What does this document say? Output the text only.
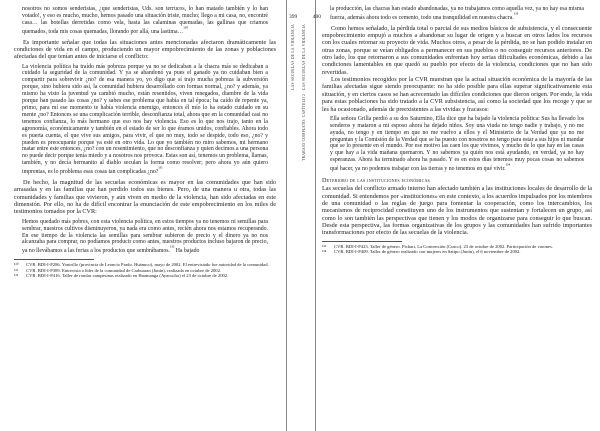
nosotros no somos senderistas, ¿que senderistas, Uds. son terrucos, lo han matado también y lo han votado!, y eso es mucho, mucho, hemos pasado una situación triste, mucho; llego a mi casa, no, encontré casa… las botellas derretidas como vela, hasta las calaminas quemadas, las gallinas que criamos quemados, toda mis cosas quemadas, llorando por allá, una lastima…$^{^{130}}$

Es importante señalar que todas las situaciones antes mencionadas afectaron dramáticamente las condiciones de vida en el campo, produciendo un mayor empobrecimiento de las zonas y poblaciones afectadas del que tenían antes de iniciarse el conflicto:

La violencia política ha traído más pobreza porque ya no se dedicaban a la chacra más se dedicaban a cuidado la seguridad de la comunidad. Y ya se abandonó ya pues el ganado ya no cuidaban bien a compartir para sobrevivir ¿no? de esa manera yo, yo digo que sí trajo mucha pobreza la subversión porque, sino hubiera sido así, la comunidad hubiera desarrollado con formas normal, ¿no? y además, ya mismo ha visto la juventud ya cambió mucho, están resentidos, viven renegados, diambre de la vida porque han pasado las cosas ¿no? y sabes ese problema que había en tal época; ha caído de repente ya, primo, para mí ese momento te había violencia enemigo, entonces él mío lo ha estado cuidado en su mente ¿no? Entonces se una complicación terrible, desconfianza total, ahora que en la comunidad casi no tenemos confianza, lo más hermano que eso nos hay violencia. Eso es lo que nos trajo, tanto en la agronomía, económicamente y también en el estado de ser lo que éramos unidos, confiables. Ahora todo es puerta cuenta, el que vive sus amigos, para vivir, el que no muy, todo se despide, todo eso, ¿no? y pueden es preocupante porque ya esté en otro vida. Lo que yo también no miro sabemos, mi hermano matar entre este entonces, ¿no? con un resentimiento, que no desconfianza y quien decimos a una persona no puede decir porque tenía miedo y a nosotros nos provoca. Estas son así, tenemos un problema, llamas, también, y no decía hermanito al diablo seculan la forma como resolver; pero ahora yo aún quiero imprentas, es lo problema esas cosas tan complicadas ¿no?$^{^{131}}$

De hecho, la magnitud de las secuelas económicas es mayor en las comunidades que han sido arrasadas y en las familias que han perdido todos sus bienes. Pero, de una manera u otra, todas las comunidades y familias que vivieron, y aún viven en medio de la violencia, han sido afectadas en este dimensión. Por ello, no ha de difícil encontrar la enunciación de este empobrecimiento en los miles de testimonios tomados por la CVR:

Hemos quedado más pobres, con esta violencia política, en estos tiempos ya no tenemos ni semillas para sembrar, nuestros cultivos disminuyeron, ya nada era como antes, recién ahora nos estamos recuperando. En ese tiempo de la violencia las semillas para sembrar subieron de precio y el dinero ya no nos alcanzaba para comprar, no podíamos producir como antes, nuestros productos incluso bajaron de precio, ya no llevábamos a las ferias a los productos que sembrábamos.$^{^{132}}$ Ha bajado

¹³⁰	CVR. BDI-I-P286. Yonirillo (provincia de Leoncio Prado, Huánuco), mayo de 2002. El entrevistado fue autoridad de la comunidad.

¹³¹	CVR. BDI-I-P389. Entrevista a líder de la comunidad de Carhuaran (Junín), realizada en octubre de 2002.

¹³²	CVR. BDI-I-P416. Taller de rondas campesinas realizado en Huamanga (Ayacucho) el 23 de octubre de 2002.

399	400
LAS SECUELAS DE LA VIOLENCIA TRABAJO COMPLETO: CAPÍTULO 2 · LAS SECUELAS DE LA VIOLENCIA

la producción, las chacras han estado abandonadas, ya no trabajamos como aquella vez, ya no hay esa misma fuerza, además ahora todo es cemento, todo una tranquilidad en nuestra chacra.$^{^{133}}$

Como hemos señalado, la pérdida total o parcial de sus medios básicos de subsistencia, y el consecuente empobrecimiento empujó a muchos a abandonar su lugar de origen y a buscar en otros lados los recursos con los cuales retomar su proyecto de vida. Muchos otros, a pesar de la pérdida, no se han podido instalar en otras zonas, porque se veían obligados a permanecer en sus pueblos o no conseguir recursos anteriores. De otro lado, los que retornaron a sus comunidades enfrentan hoy serias dificultades económicas, debido a las condiciones lamentables en que quedó su pueblo por efecto de la violencia, condiciones que no han sido revertidas.

Los testimonios recogidos por la CVR muestran que la actual situación económica de la mayoría de las familias afectadas sigue siendo preocupante: no ha sido posible para ellas superar significativamente esta situación, y en ciertos casos se han acrecentado las difíciles condiciones que dieron origen. Por ende, la vida para estas poblaciones ha sido tratado a la CVR subsistencia, así como la sociedad que los recoge y que se les ha ocasionado, además de preexistentes a las vividas y fracasos:

Ella señora Grilla perdió a su dos Saturnino, Ella dice que ha bajado la violencia política: Sus ha llevado los senderos y mataron a mi esposo ahora ha dejado niños. Soy una viuda no tengo nadie y trabajo, y no me ayuda, no tengo y en tiempo en que no me vuelvo a ellos y el Ministerio de la Verdad que ya no me preguntan y la Comisión de la Verdad que se ha puesto con nosotros no tengo para estar a sus hijos ni mandar que se lo presente en el mundo. Por ese motivo las caen los que vivimos, y mucho de lo que hay en las casas y que hay a la vida mañana quemaron. Y no sabemos ya quién nos está ayudando, en verdad, ya no hay esperanzas. Ahora ha terminado ahora ha pasado. Y es en estos días tenemos muy pocas cosas no sabemos qué hacer, ya no podemos trabajar con las tierras y no tenemos en qué vivir.$^{^{134}}$

Deterioro de las instituciones económicas

Las secuelas del conflicto armado interno han afectado también a las instituciones locales de desarrollo de la comunidad. Si entendemos por «instituciones» en este contexto, a los acuerdos impulsados por los miembros de una comunidad o las reglas de juego para fomentar la cooperación, como los intercambios, los mecanismos de reciprocidad constituyen uno de los instrumentos que sustentan y fortalecen un grupo, así como lo son también las perspectivas que tienen y los modos de organizarse para conseguir lo que buscan. Desde esta perspectiva, las formas organizativas de los grupos y las comunidades han sufrido importantes transformaciones por efecto de las secuelas de la violencia.

¹³³	CVR. BDI-I-P423. Taller de género. Pichari, La Convención (Cusco), 23 de octubre de 2002. Participación de varones.

¹³⁴	CVR. BDI-I-P409. Taller de género realizado con mujeres en Satipo (Junín), el 6 noviembre de 2002.
